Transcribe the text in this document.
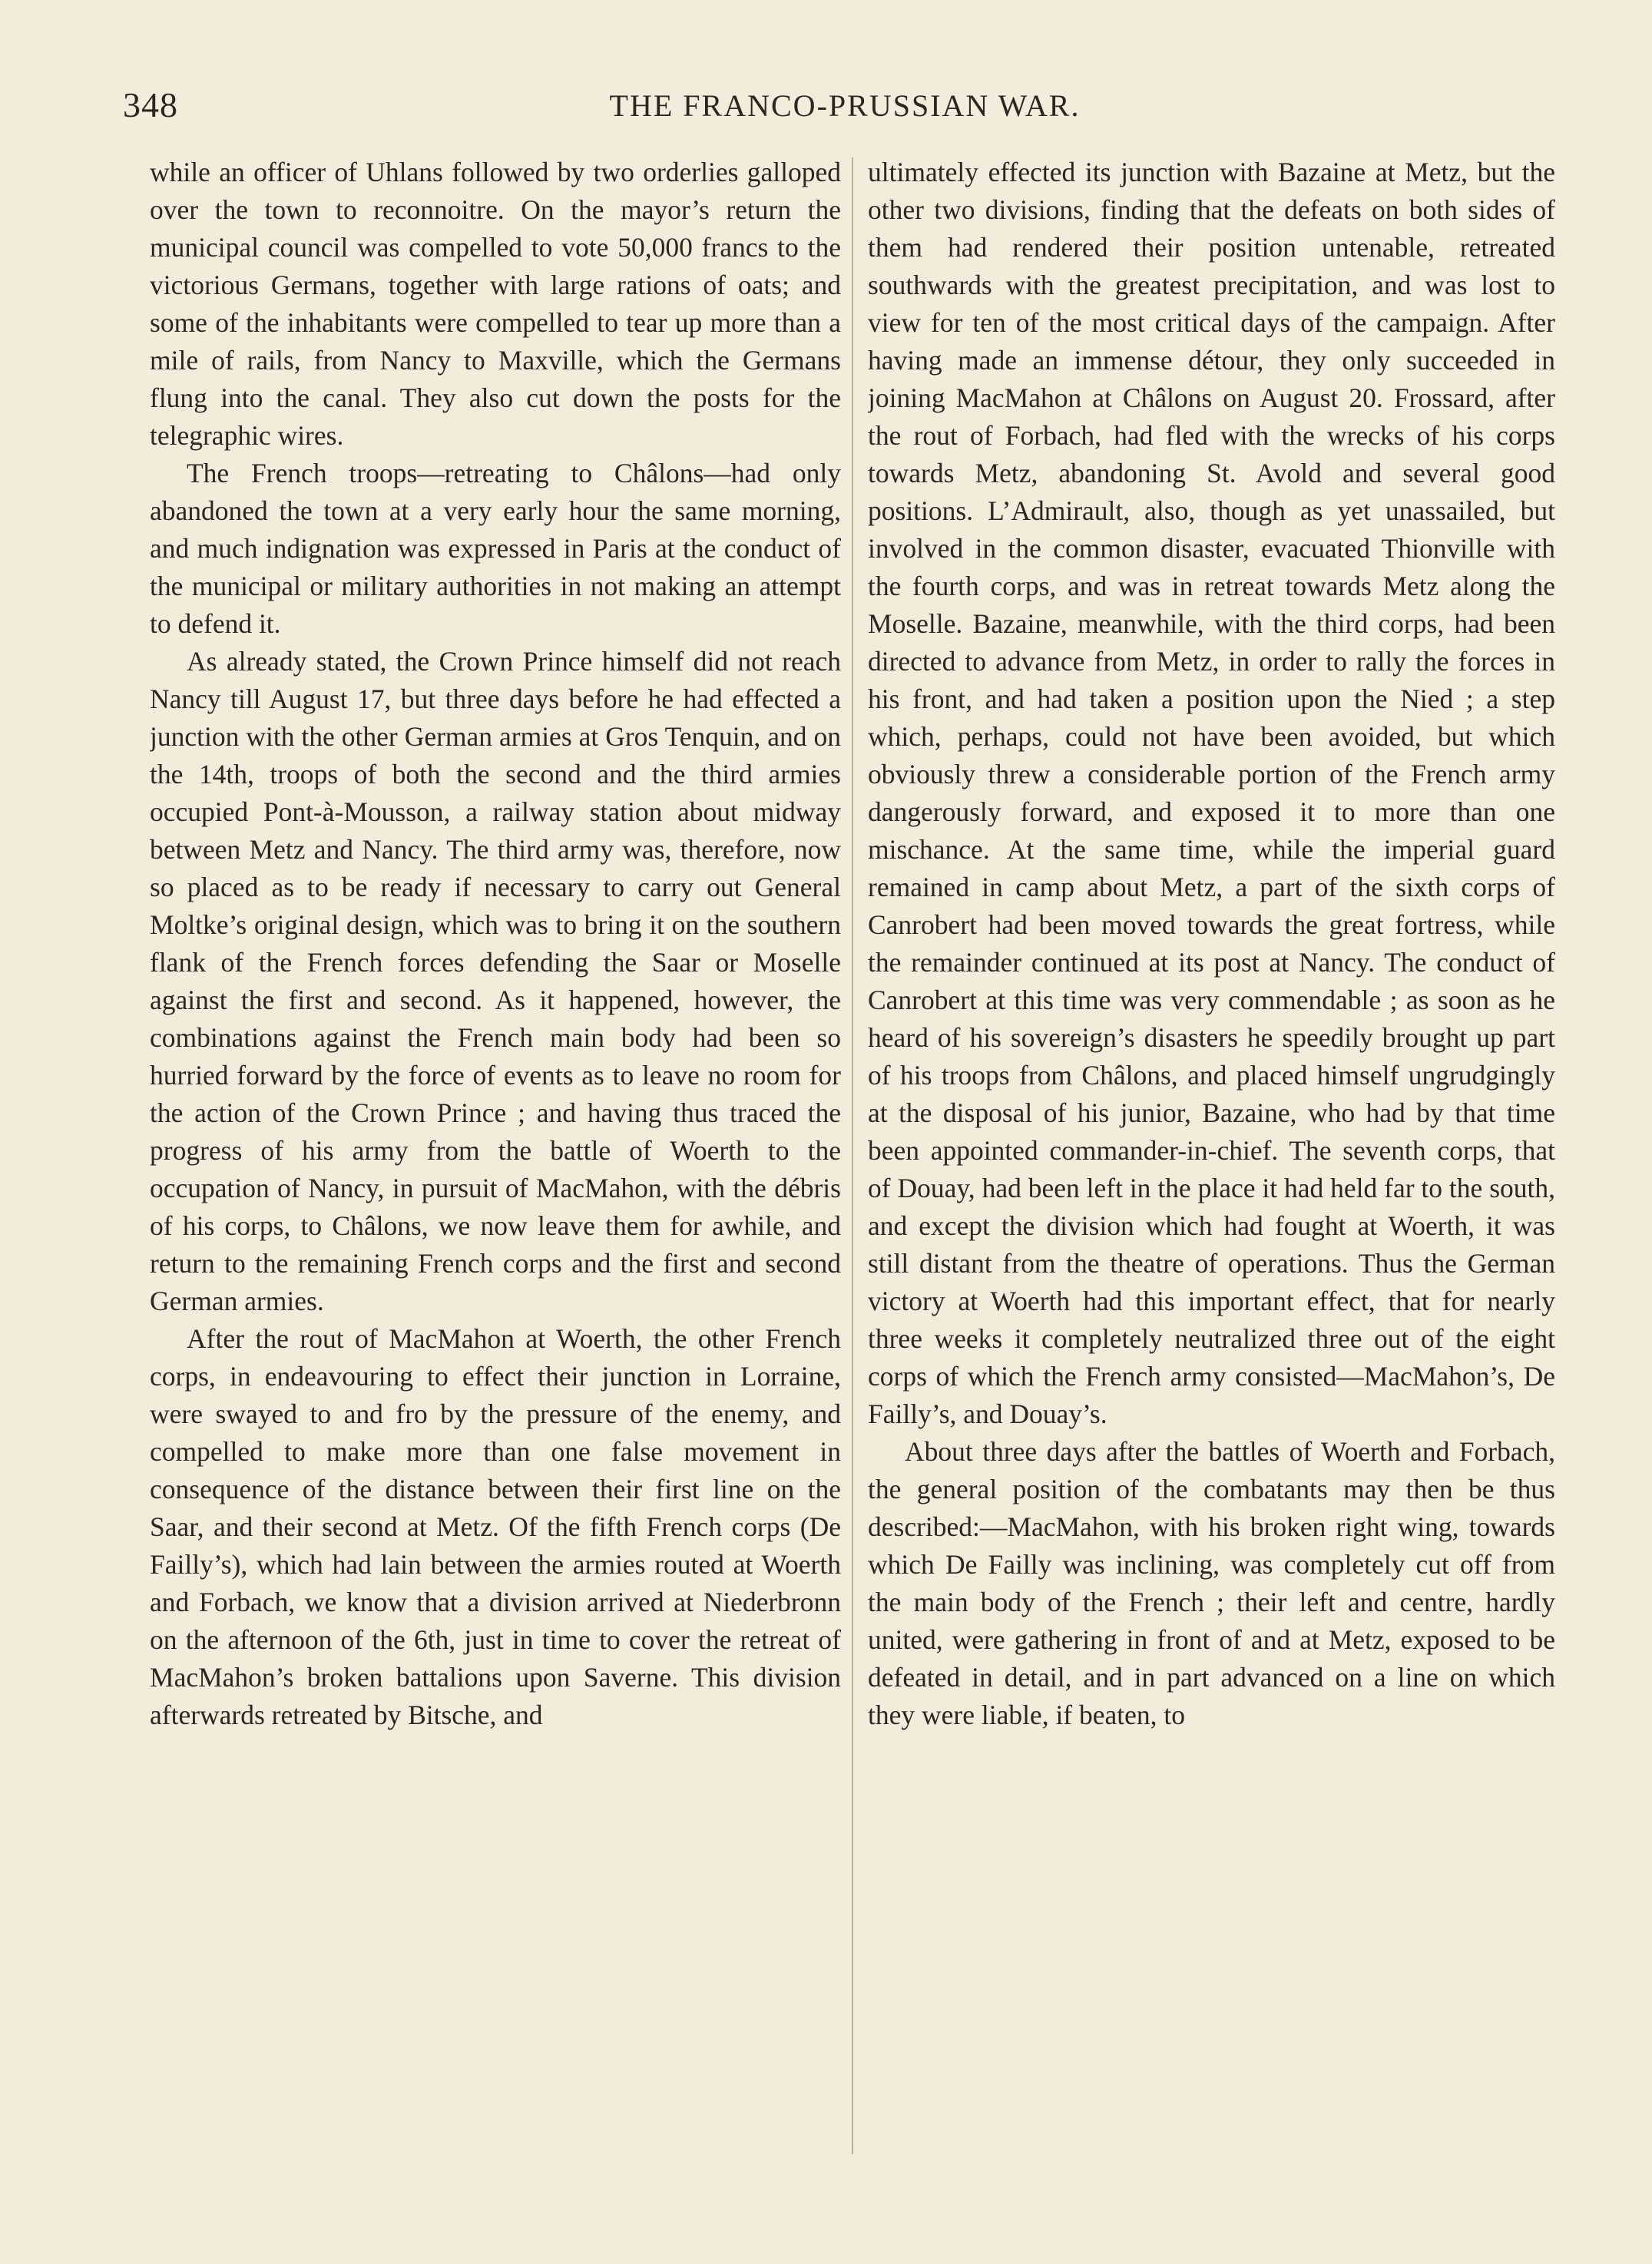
348	THE FRANCO-PRUSSIAN WAR.

while an officer of Uhlans followed by two orderlies galloped over the town to reconnoitre. On the mayor’s return the municipal council was compelled to vote 50,000 francs to the victorious Germans, together with large rations of oats; and some of the inhabitants were compelled to tear up more than a mile of rails, from Nancy to Maxville, which the Germans flung into the canal. They also cut down the posts for the telegraphic wires.

The French troops—retreating to Châlons—had only abandoned the town at a very early hour the same morning, and much indignation was expressed in Paris at the conduct of the municipal or military authorities in not making an attempt to defend it.

As already stated, the Crown Prince himself did not reach Nancy till August 17, but three days before he had effected a junction with the other German armies at Gros Tenquin, and on the 14th, troops of both the second and the third armies occupied Pont-à-Mousson, a railway station about midway between Metz and Nancy. The third army was, therefore, now so placed as to be ready if necessary to carry out General Moltke’s original design, which was to bring it on the southern flank of the French forces defending the Saar or Moselle against the first and second. As it happened, however, the combinations against the French main body had been so hurried forward by the force of events as to leave no room for the action of the Crown Prince ; and having thus traced the progress of his army from the battle of Woerth to the occupation of Nancy, in pursuit of MacMahon, with the débris of his corps, to Châlons, we now leave them for awhile, and return to the remaining French corps and the first and second German armies.

After the rout of MacMahon at Woerth, the other French corps, in endeavouring to effect their junction in Lorraine, were swayed to and fro by the pressure of the enemy, and compelled to make more than one false movement in consequence of the distance between their first line on the Saar, and their second at Metz. Of the fifth French corps (De Failly’s), which had lain between the armies routed at Woerth and Forbach, we know that a division arrived at Niederbronn on the afternoon of the 6th, just in time to cover the retreat of MacMahon’s broken battalions upon Saverne. This division afterwards retreated by Bitsche, and

ultimately effected its junction with Bazaine at Metz, but the other two divisions, finding that the defeats on both sides of them had rendered their position untenable, retreated southwards with the greatest precipitation, and was lost to view for ten of the most critical days of the campaign. After having made an immense détour, they only succeeded in joining MacMahon at Châlons on August 20. Frossard, after the rout of Forbach, had fled with the wrecks of his corps towards Metz, abandoning St. Avold and several good positions. L’Admirault, also, though as yet unassailed, but involved in the common disaster, evacuated Thionville with the fourth corps, and was in retreat towards Metz along the Moselle. Bazaine, meanwhile, with the third corps, had been directed to advance from Metz, in order to rally the forces in his front, and had taken a position upon the Nied ; a step which, perhaps, could not have been avoided, but which obviously threw a considerable portion of the French army dangerously forward, and exposed it to more than one mischance. At the same time, while the imperial guard remained in camp about Metz, a part of the sixth corps of Canrobert had been moved towards the great fortress, while the remainder continued at its post at Nancy. The conduct of Canrobert at this time was very commendable ; as soon as he heard of his sovereign’s disasters he speedily brought up part of his troops from Châlons, and placed himself ungrudgingly at the disposal of his junior, Bazaine, who had by that time been appointed commander-in-chief. The seventh corps, that of Douay, had been left in the place it had held far to the south, and except the division which had fought at Woerth, it was still distant from the theatre of operations. Thus the German victory at Woerth had this important effect, that for nearly three weeks it completely neutralized three out of the eight corps of which the French army consisted—MacMahon’s, De Failly’s, and Douay’s.

About three days after the battles of Woerth and Forbach, the general position of the combatants may then be thus described:—MacMahon, with his broken right wing, towards which De Failly was inclining, was completely cut off from the main body of the French ; their left and centre, hardly united, were gathering in front of and at Metz, exposed to be defeated in detail, and in part advanced on a line on which they were liable, if beaten, to
